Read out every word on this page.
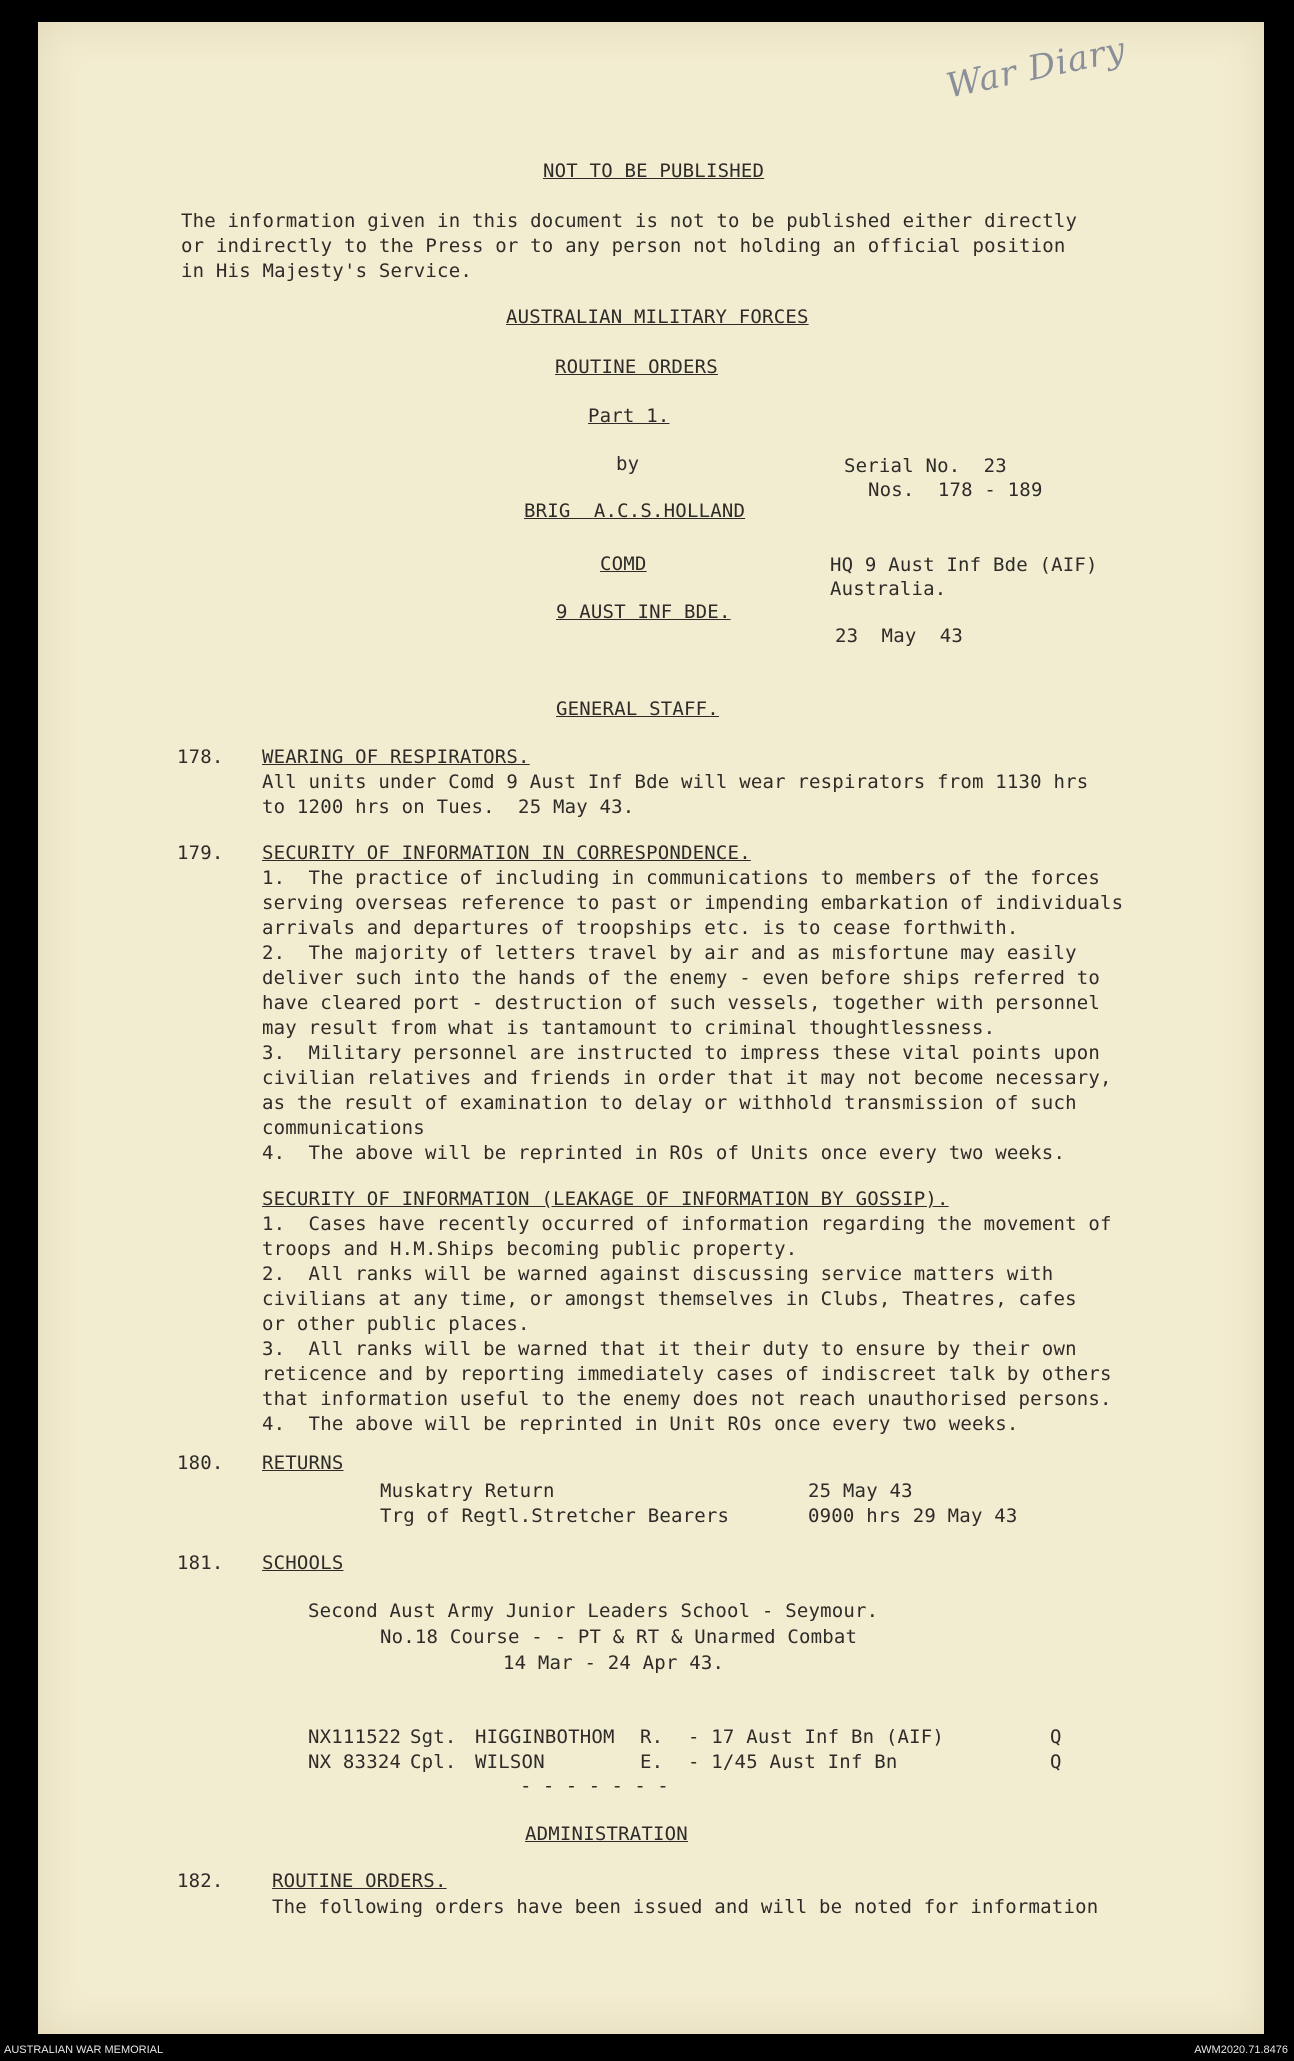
War Diary
NOT TO BE PUBLISHED
The information given in this document is not to be published either directly
or indirectly to the Press or to any person not holding an official position
in His Majesty's Service.
AUSTRALIAN MILITARY FORCES
ROUTINE ORDERS
Part 1.
by
BRIG  A.C.S.HOLLAND
COMD
9 AUST INF BDE.
Serial No.  23
Nos.  178 - 189
HQ 9 Aust Inf Bde (AIF)
Australia.
23  May  43
GENERAL STAFF.
178. WEARING OF RESPIRATORS.
All units under Comd 9 Aust Inf Bde will wear respirators from 1130 hrs
to 1200 hrs on Tues.  25 May 43.
179. SECURITY OF INFORMATION IN CORRESPONDENCE.
1.  The practice of including in communications to members of the forces
serving overseas reference to past or impending embarkation of individuals
arrivals and departures of troopships etc. is to cease forthwith.
2.  The majority of letters travel by air and as misfortune may easily
deliver such into the hands of the enemy - even before ships referred to
have cleared port - destruction of such vessels, together with personnel
may result from what is tantamount to criminal thoughtlessness.
3.  Military personnel are instructed to impress these vital points upon
civilian relatives and friends in order that it may not become necessary,
as the result of examination to delay or withhold transmission of such
communications
4.  The above will be reprinted in ROs of Units once every two weeks.
SECURITY OF INFORMATION (LEAKAGE OF INFORMATION BY GOSSIP).
1.  Cases have recently occurred of information regarding the movement of
troops and H.M.Ships becoming public property.
2.  All ranks will be warned against discussing service matters with
civilians at any time, or amongst themselves in Clubs, Theatres, cafes
or other public places.
3.  All ranks will be warned that it their duty to ensure by their own
reticence and by reporting immediately cases of indiscreet talk by others
that information useful to the enemy does not reach unauthorised persons.
4.  The above will be reprinted in Unit ROs once every two weeks.
180. RETURNS
Muskatry Return	25 May 43
Trg of Regtl.Stretcher Bearers	0900 hrs 29 May 43
181. SCHOOLS
Second Aust Army Junior Leaders School - Seymour.
No.18 Course - - PT & RT & Unarmed Combat
14 Mar - 24 Apr 43.
NX111522 Sgt. HIGGINBOTHOM R. - 17 Aust Inf Bn (AIF)	Q
NX 83324 Cpl. WILSON	E. - 1/45 Aust Inf Bn	Q
- - - - - - -
ADMINISTRATION
182.	ROUTINE ORDERS.
The following orders have been issued and will be noted for information
AUSTRALIAN WAR MEMORIAL	AWM2020.71.8476
